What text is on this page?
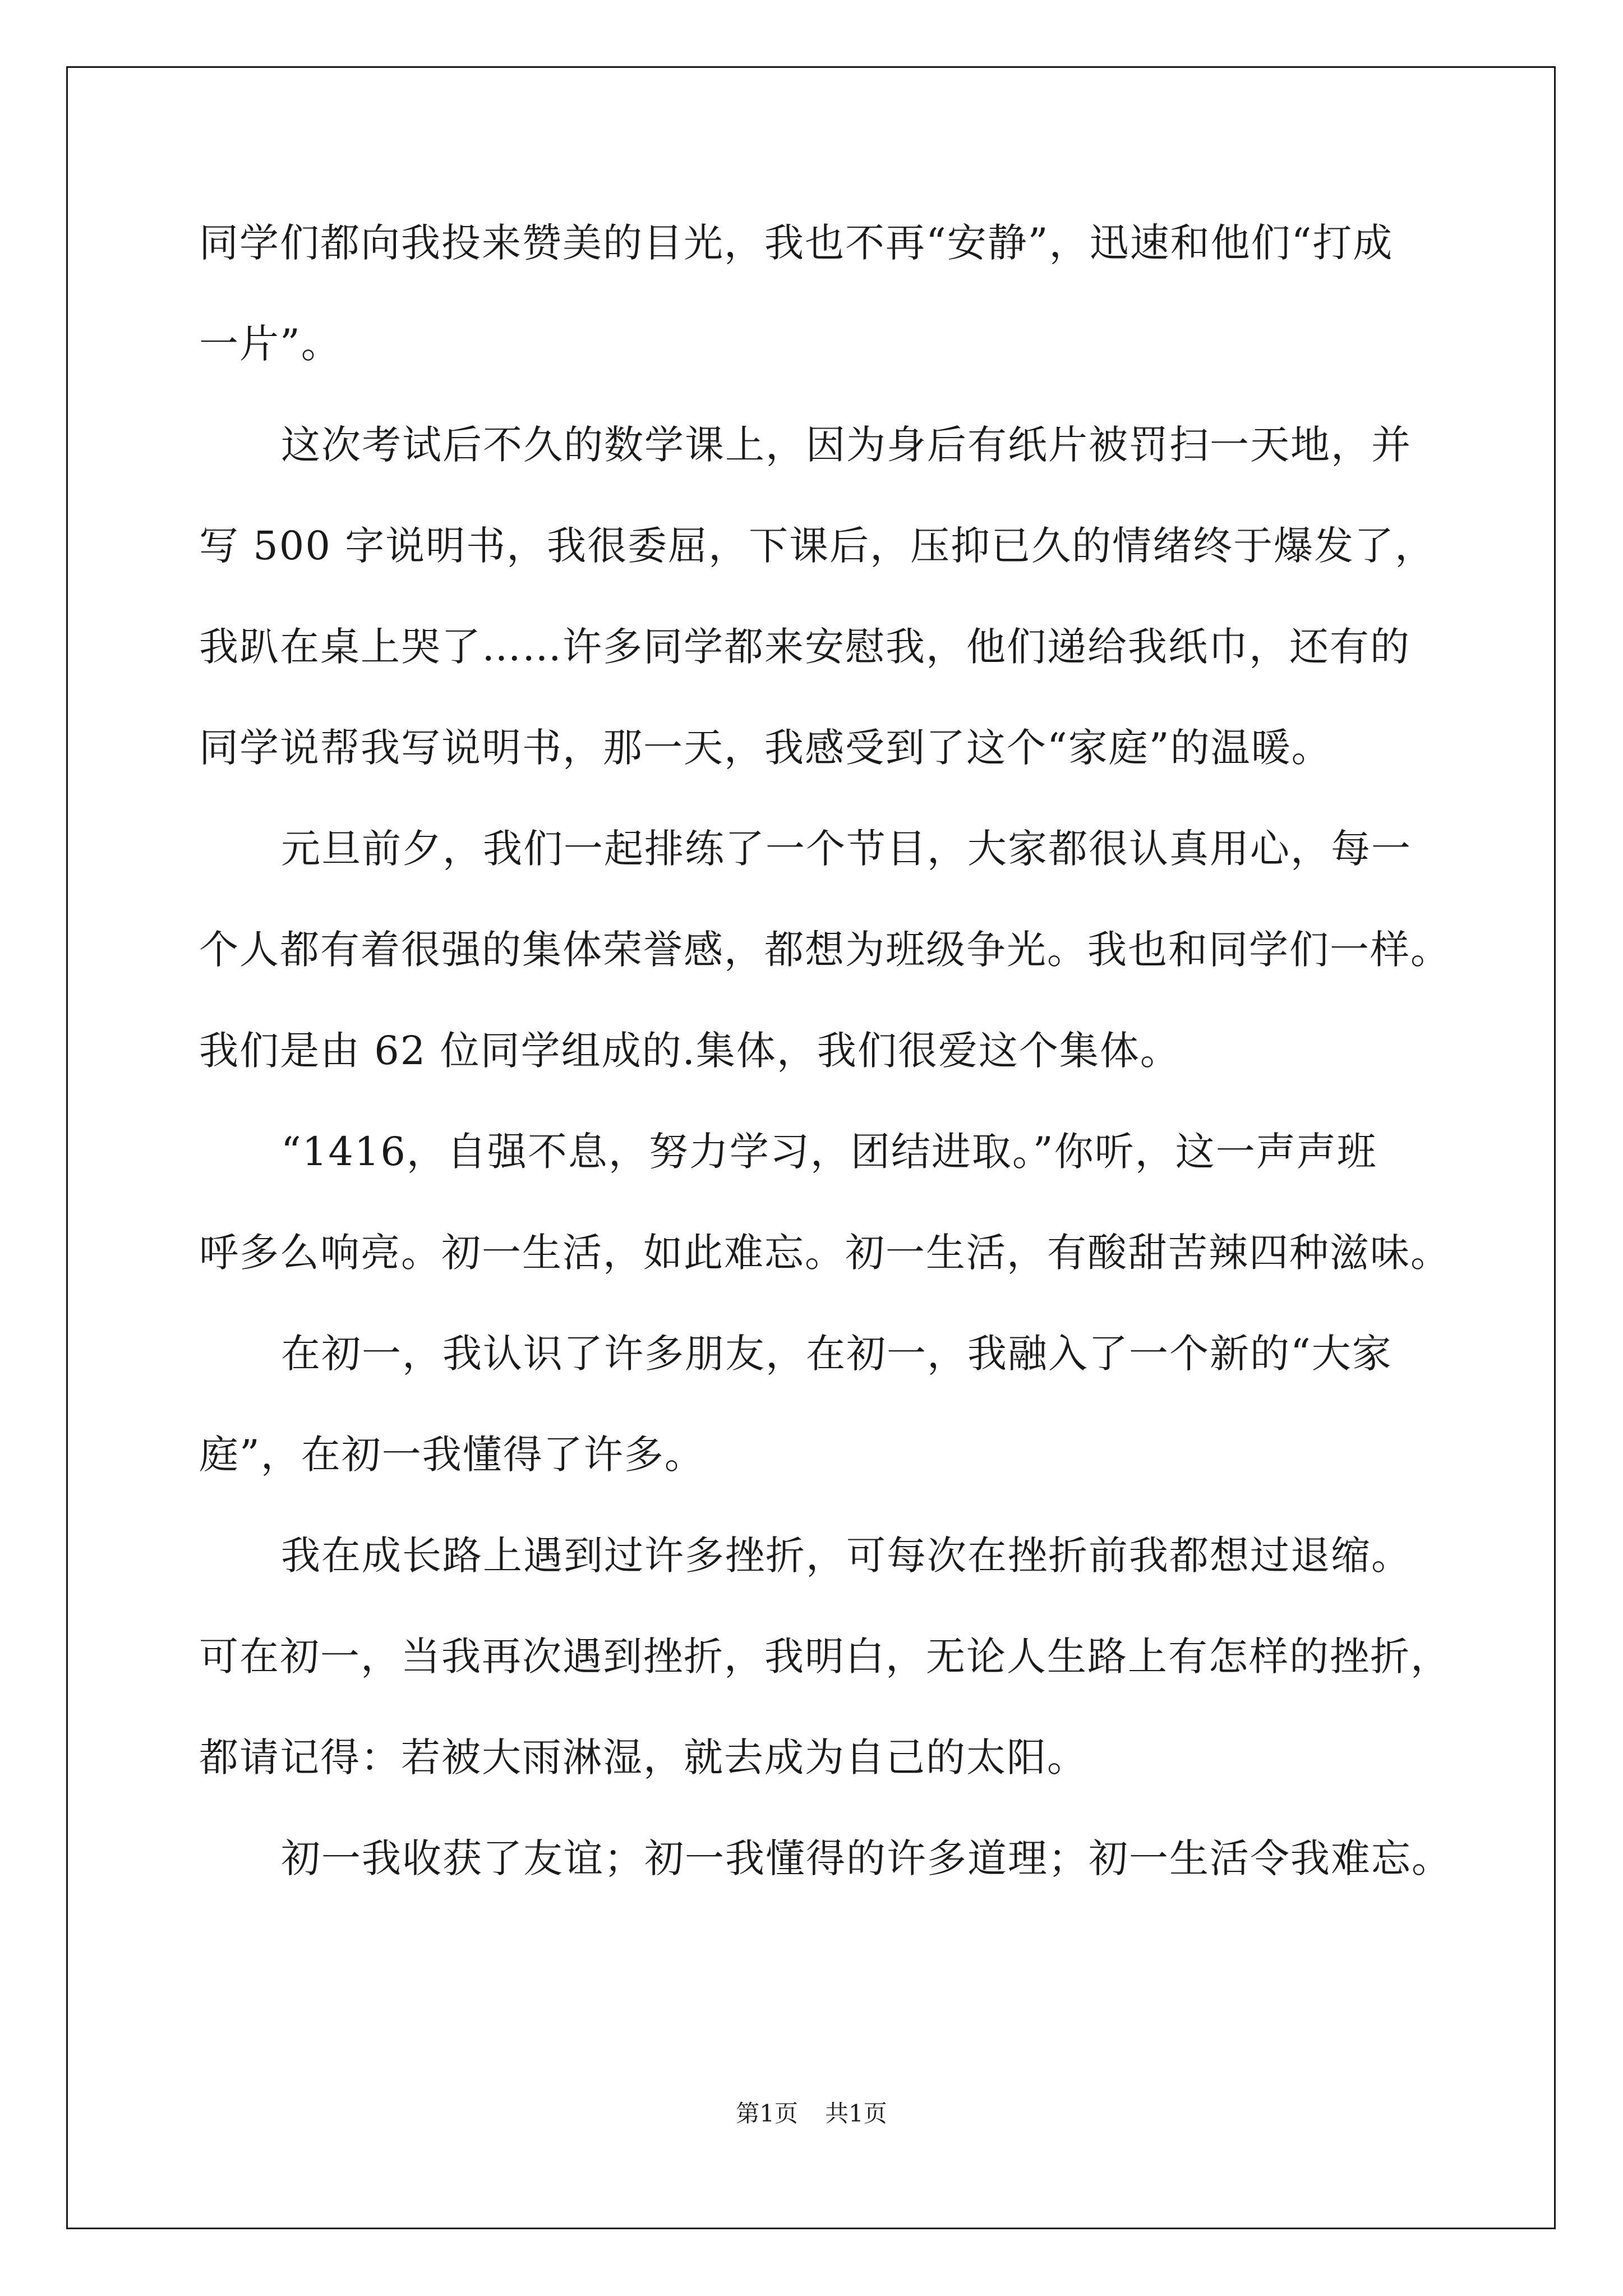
同学们都向我投来赞美的目光，我也不再“安静”，迅速和他们“打成
一片”。
这次考试后不久的数学课上，因为身后有纸片被罚扫一天地，并
写 500 字说明书，我很委屈，下课后，压抑已久的情绪终于爆发了，
我趴在桌上哭了……许多同学都来安慰我，他们递给我纸巾，还有的
同学说帮我写说明书，那一天，我感受到了这个“家庭”的温暖。
元旦前夕，我们一起排练了一个节目，大家都很认真用心，每一
个人都有着很强的集体荣誉感，都想为班级争光。我也和同学们一样。
我们是由 62 位同学组成的.集体，我们很爱这个集体。
“1416，自强不息，努力学习，团结进取。”你听，这一声声班
呼多么响亮。初一生活，如此难忘。初一生活，有酸甜苦辣四种滋味。
在初一，我认识了许多朋友，在初一，我融入了一个新的“大家
庭”，在初一我懂得了许多。
我在成长路上遇到过许多挫折，可每次在挫折前我都想过退缩。
可在初一，当我再次遇到挫折，我明白，无论人生路上有怎样的挫折，
都请记得：若被大雨淋湿，就去成为自己的太阳。
初一我收获了友谊；初一我懂得的许多道理；初一生活令我难忘。
第1页 共1页
